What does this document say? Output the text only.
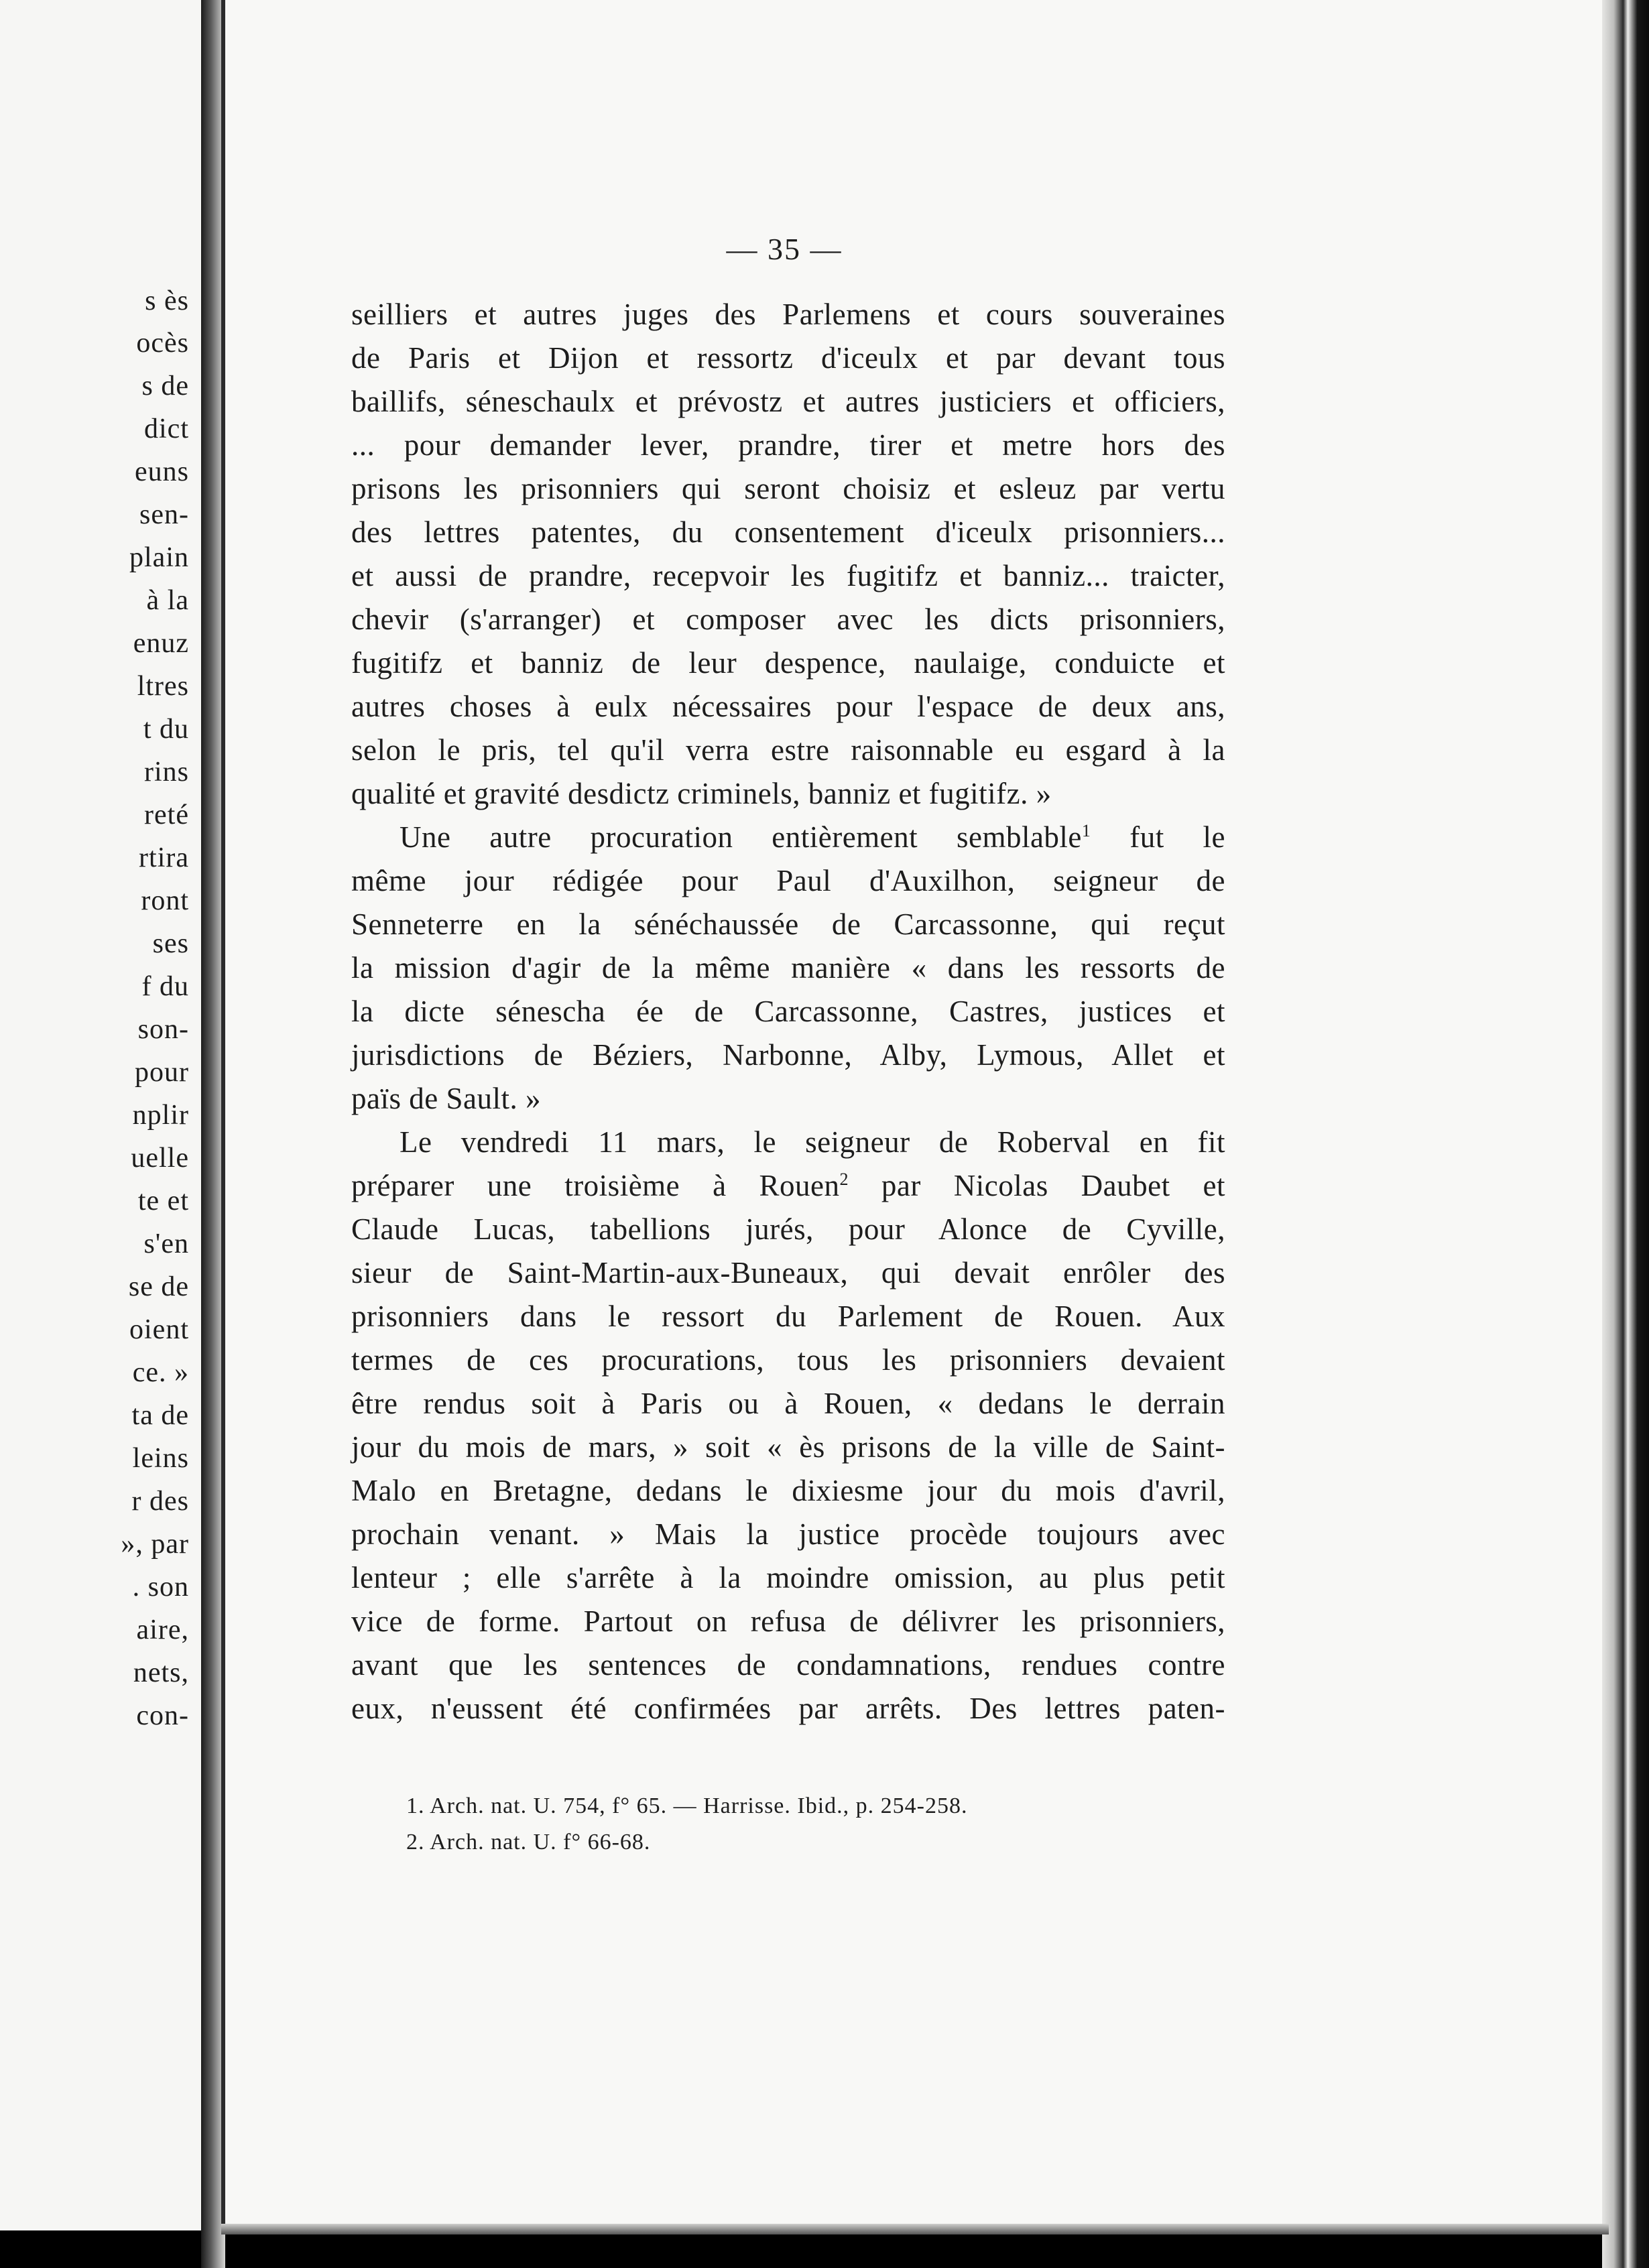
s ès
ocès
s de
dict
euns
sen-
plain
à la
enuz
ltres
t du
rins
reté
rtira
ront
ses
f du
son-
pour
nplir
uelle
te et
s'en
se de
oient
ce. »
ta de
leins
r des
», par
. son
aire,
nets,
con-
— 35 —
seilliers et autres juges des Parlemens et cours souveraines
de Paris et Dijon et ressortz d'iceulx et par devant tous
baillifs, séneschaulx et prévostz et autres justiciers et officiers,
... pour demander lever, prandre, tirer et metre hors des
prisons les prisonniers qui seront choisiz et esleuz par vertu
des lettres patentes, du consentement d'iceulx prisonniers...
et aussi de prandre, recepvoir les fugitifz et banniz... traicter,
chevir (s'arranger) et composer avec les dicts prisonniers,
fugitifz et banniz de leur despence, naulaige, conduicte et
autres choses à eulx nécessaires pour l'espace de deux ans,
selon le pris, tel qu'il verra estre raisonnable eu esgard à la
qualité et gravité desdictz criminels, banniz et fugitifz. »
Une autre procuration entièrement semblable$^1$ fut le
même jour rédigée pour Paul d'Auxilhon, seigneur de
Senneterre en la sénéchaussée de Carcassonne, qui reçut
la mission d'agir de la même manière « dans les ressorts de
la dicte sénescha ée de Carcassonne, Castres, justices et
jurisdictions de Béziers, Narbonne, Alby, Lymous, Allet et
païs de Sault. »
Le vendredi 11 mars, le seigneur de Roberval en fit
préparer une troisième à Rouen$^2$ par Nicolas Daubet et
Claude Lucas, tabellions jurés, pour Alonce de Cyville,
sieur de Saint-Martin-aux-Buneaux, qui devait enrôler des
prisonniers dans le ressort du Parlement de Rouen. Aux
termes de ces procurations, tous les prisonniers devaient
être rendus soit à Paris ou à Rouen, « dedans le derrain
jour du mois de mars, » soit « ès prisons de la ville de Saint-
Malo en Bretagne, dedans le dixiesme jour du mois d'avril,
prochain venant. » Mais la justice procède toujours avec
lenteur ; elle s'arrête à la moindre omission, au plus petit
vice de forme. Partout on refusa de délivrer les prisonniers,
avant que les sentences de condamnations, rendues contre
eux, n'eussent été confirmées par arrêts. Des lettres paten-
1. Arch. nat. U. 754, f° 65. — Harrisse. Ibid., p. 254-258.
2. Arch. nat. U. f° 66-68.
